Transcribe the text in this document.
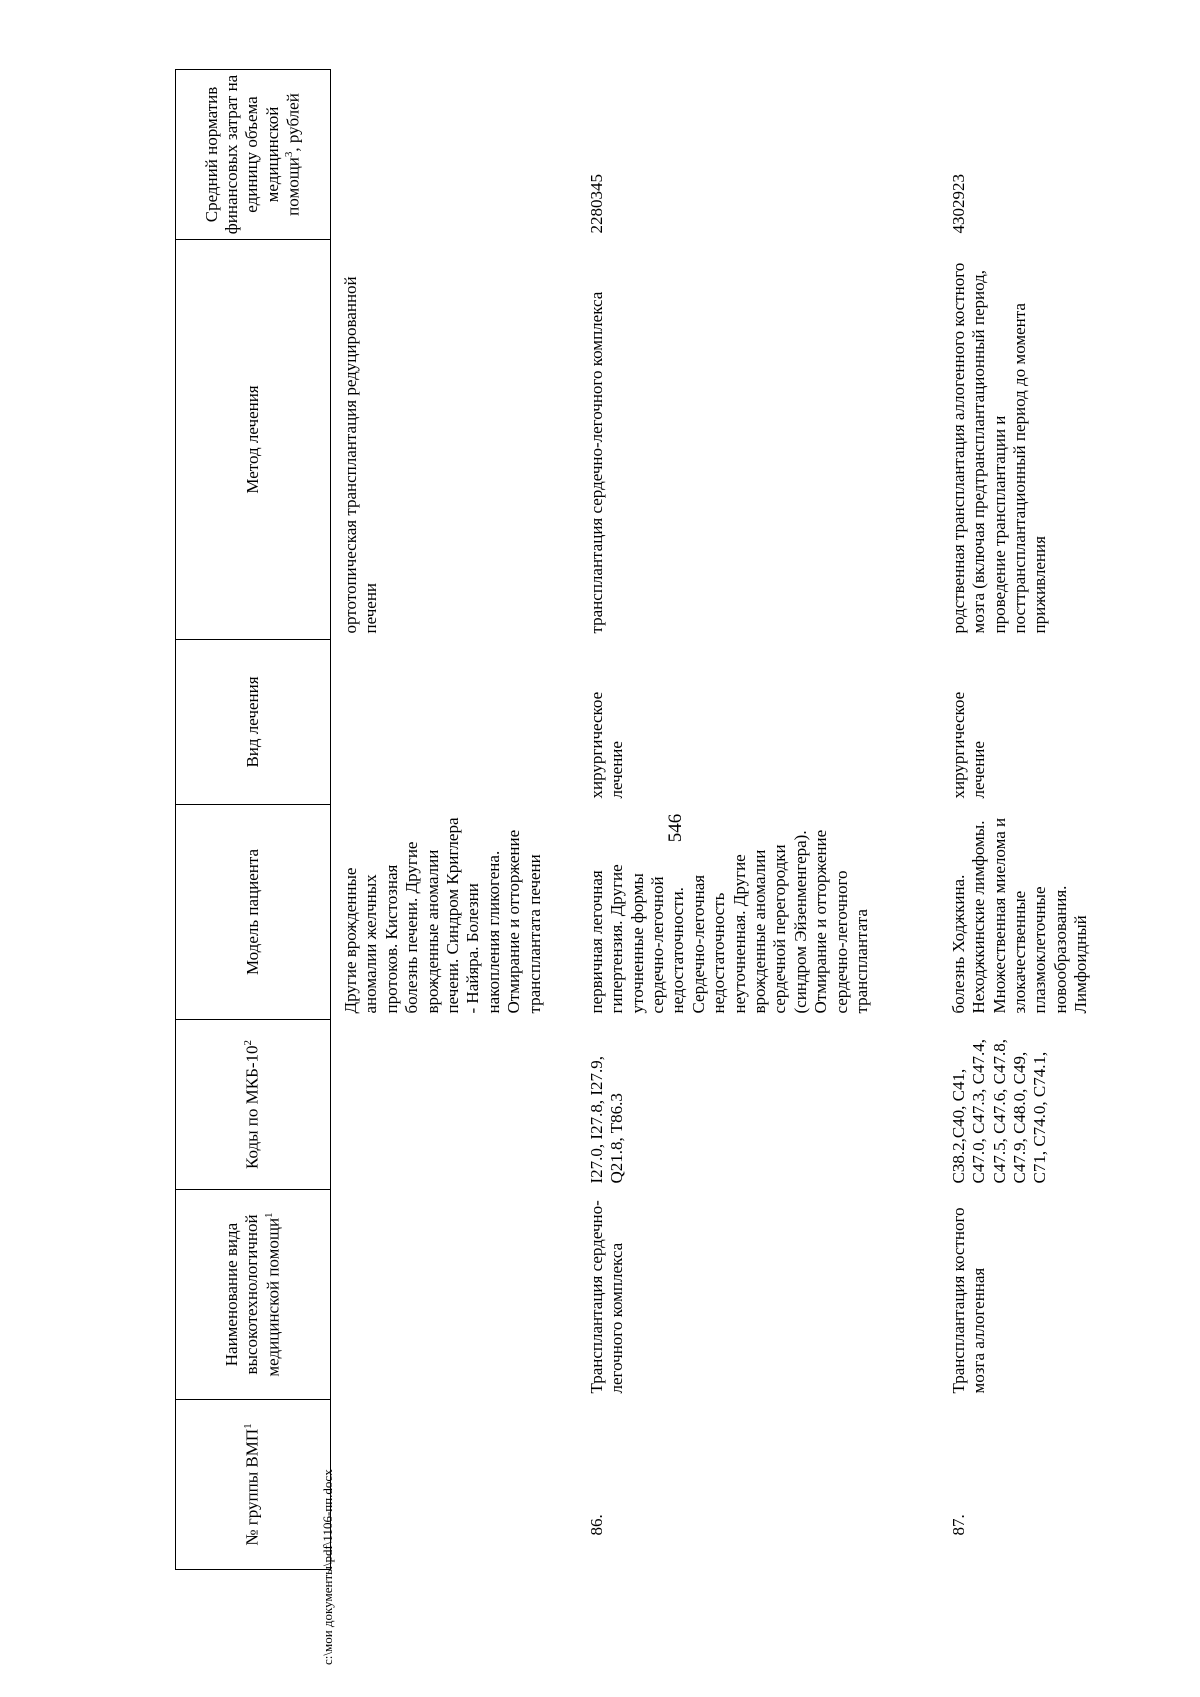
546
№ группы ВМП$^1$	Наименование вида высокотехнологичной медицинской помощи$^1$	Коды по МКБ-$10^2$	Модель пациента	Вид лечения	Метод лечения	Средний норматив финансовых затрат на единицу объема медицинской помощи$^3$, рублей
			Другие врожденные аномалии желчных протоков. Кистозная болезнь печени. Другие врожденные аномалии печени. Синдром Криглера - Найяра. Болезни накопления гликогена. Отмирание и отторжение трансплантата печени		ортотопическая трансплантация редуцированной печени	
86.	Трансплантация сердечно-легочного комплекса	I27.0, I27.8, I27.9, Q21.8, T86.3	первичная легочная гипертензия. Другие уточненные формы сердечно-легочной недостаточности. Сердечно-легочная недостаточность неуточненная. Другие врожденные аномалии сердечной перегородки (синдром Эйзенменгера). Отмирание и отторжение сердечно-легочного трансплантата	хирургическое лечение	трансплантация сердечно-легочного комплекса	2280345
87.	Трансплантация костного мозга аллогенная	C38.2,C40, C41, C47.0, C47.3, C47.4, C47.5, C47.6, C47.8, C47.9, C48.0, C49, C71, C74.0, C74.1,	болезнь Ходжкина. Неходжкинские лимфомы. Множественная миелома и злокачественные плазмоклеточные новообразования. Лимфоидный	хирургическое лечение	родственная трансплантация аллогенного костного мозга (включая предтрансплантационный период, проведение трансплантации и посттрансплантационный период до момента приживления	4302923
c:\мои документы\pdf\1106-пп.docx
